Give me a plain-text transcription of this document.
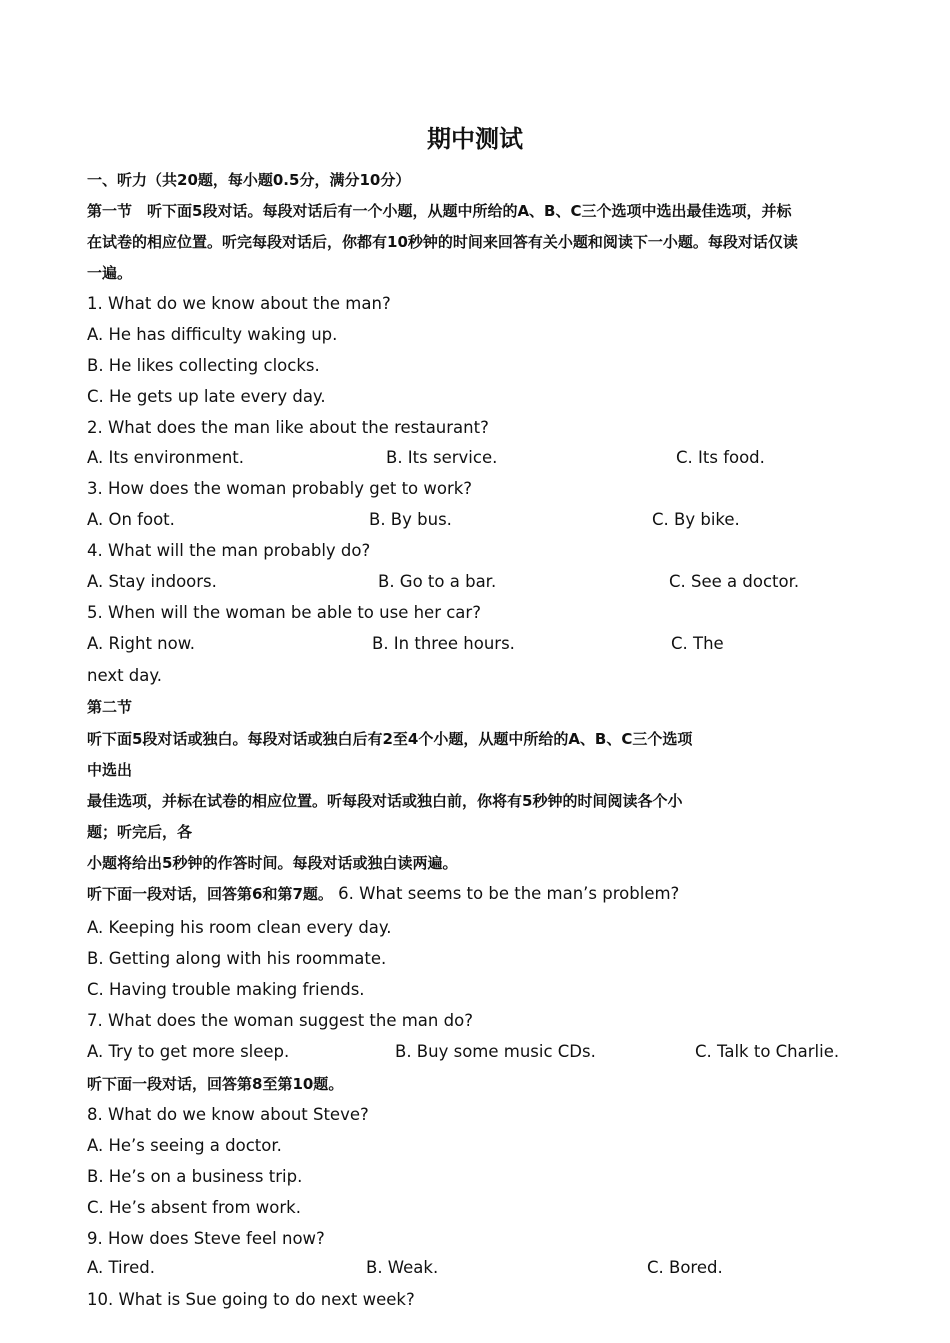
期中测试
一、听力（共20题，每小题0.5分，满分10分）
第一节　听下面5段对话。每段对话后有一个小题，从题中所给的A、B、C三个选项中选出最佳选项，并标
在试卷的相应位置。听完每段对话后，你都有10秒钟的时间来回答有关小题和阅读下一小题。每段对话仅读
一遍。
1. What do we know about the man?
A. He has difficulty waking up.
B. He likes collecting clocks.
C. He gets up late every day.
2. What does the man like about the restaurant?
A. Its environment.	B. Its service.	C. Its food.
3. How does the woman probably get to work?
A. On foot.	B. By bus.	C. By bike.
4. What will the man probably do?
A. Stay indoors.	B. Go to a bar.	C. See a doctor.
5. When will the woman be able to use her car?
A. Right now.	B. In three hours.	C. The
next day.
第二节
听下面5段对话或独白。每段对话或独白后有2至4个小题，从题中所给的A、B、C三个选项
中选出
最佳选项，并标在试卷的相应位置。听每段对话或独白前，你将有5秒钟的时间阅读各个小
题；听完后，各
小题将给出5秒钟的作答时间。每段对话或独白读两遍。
听下面一段对话，回答第6和第7题。 6. What seems to be the man’s problem?
A. Keeping his room clean every day.
B. Getting along with his roommate.
C. Having trouble making friends.
7. What does the woman suggest the man do?
A. Try to get more sleep.	B. Buy some music CDs.	C. Talk to Charlie.
听下面一段对话，回答第8至第10题。
8. What do we know about Steve?
A. He’s seeing a doctor.
B. He’s on a business trip.
C. He’s absent from work.
9. How does Steve feel now?
A. Tired.	B. Weak.	C. Bored.
10. What is Sue going to do next week?
